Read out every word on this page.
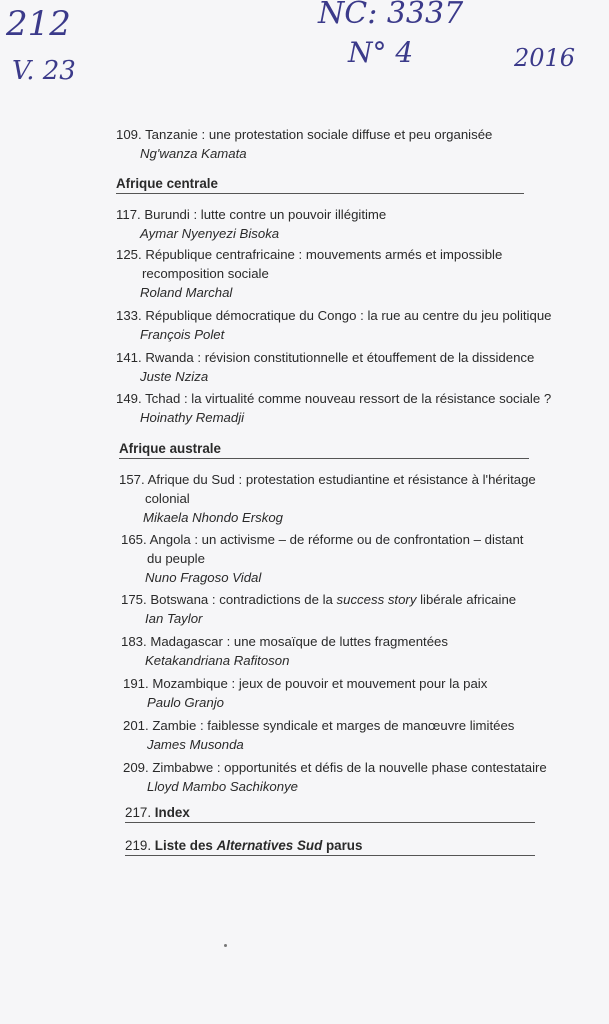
212
V. 23
NC: 3337
N° 4	2016
109. Tanzanie : une protestation sociale diffuse et peu organisée
Ng'wanza Kamata
Afrique centrale
117. Burundi : lutte contre un pouvoir illégitime
Aymar Nyenyezi Bisoka
125. République centrafricaine : mouvements armés et impossible
recomposition sociale
Roland Marchal
133. République démocratique du Congo : la rue au centre du jeu politique
François Polet
141. Rwanda : révision constitutionnelle et étouffement de la dissidence
Juste Nziza
149. Tchad : la virtualité comme nouveau ressort de la résistance sociale ?
Hoinathy Remadji
Afrique australe
157. Afrique du Sud : protestation estudiantine et résistance à l'héritage
colonial
Mikaela Nhondo Erskog
165. Angola : un activisme – de réforme ou de confrontation – distant
du peuple
Nuno Fragoso Vidal
175. Botswana : contradictions de la success story libérale africaine
Ian Taylor
183. Madagascar : une mosaïque de luttes fragmentées
Ketakandriana Rafitoson
191. Mozambique : jeux de pouvoir et mouvement pour la paix
Paulo Granjo
201. Zambie : faiblesse syndicale et marges de manœuvre limitées
James Musonda
209. Zimbabwe : opportunités et défis de la nouvelle phase contestataire
Lloyd Mambo Sachikonye
217. Index
219. Liste des Alternatives Sud parus
